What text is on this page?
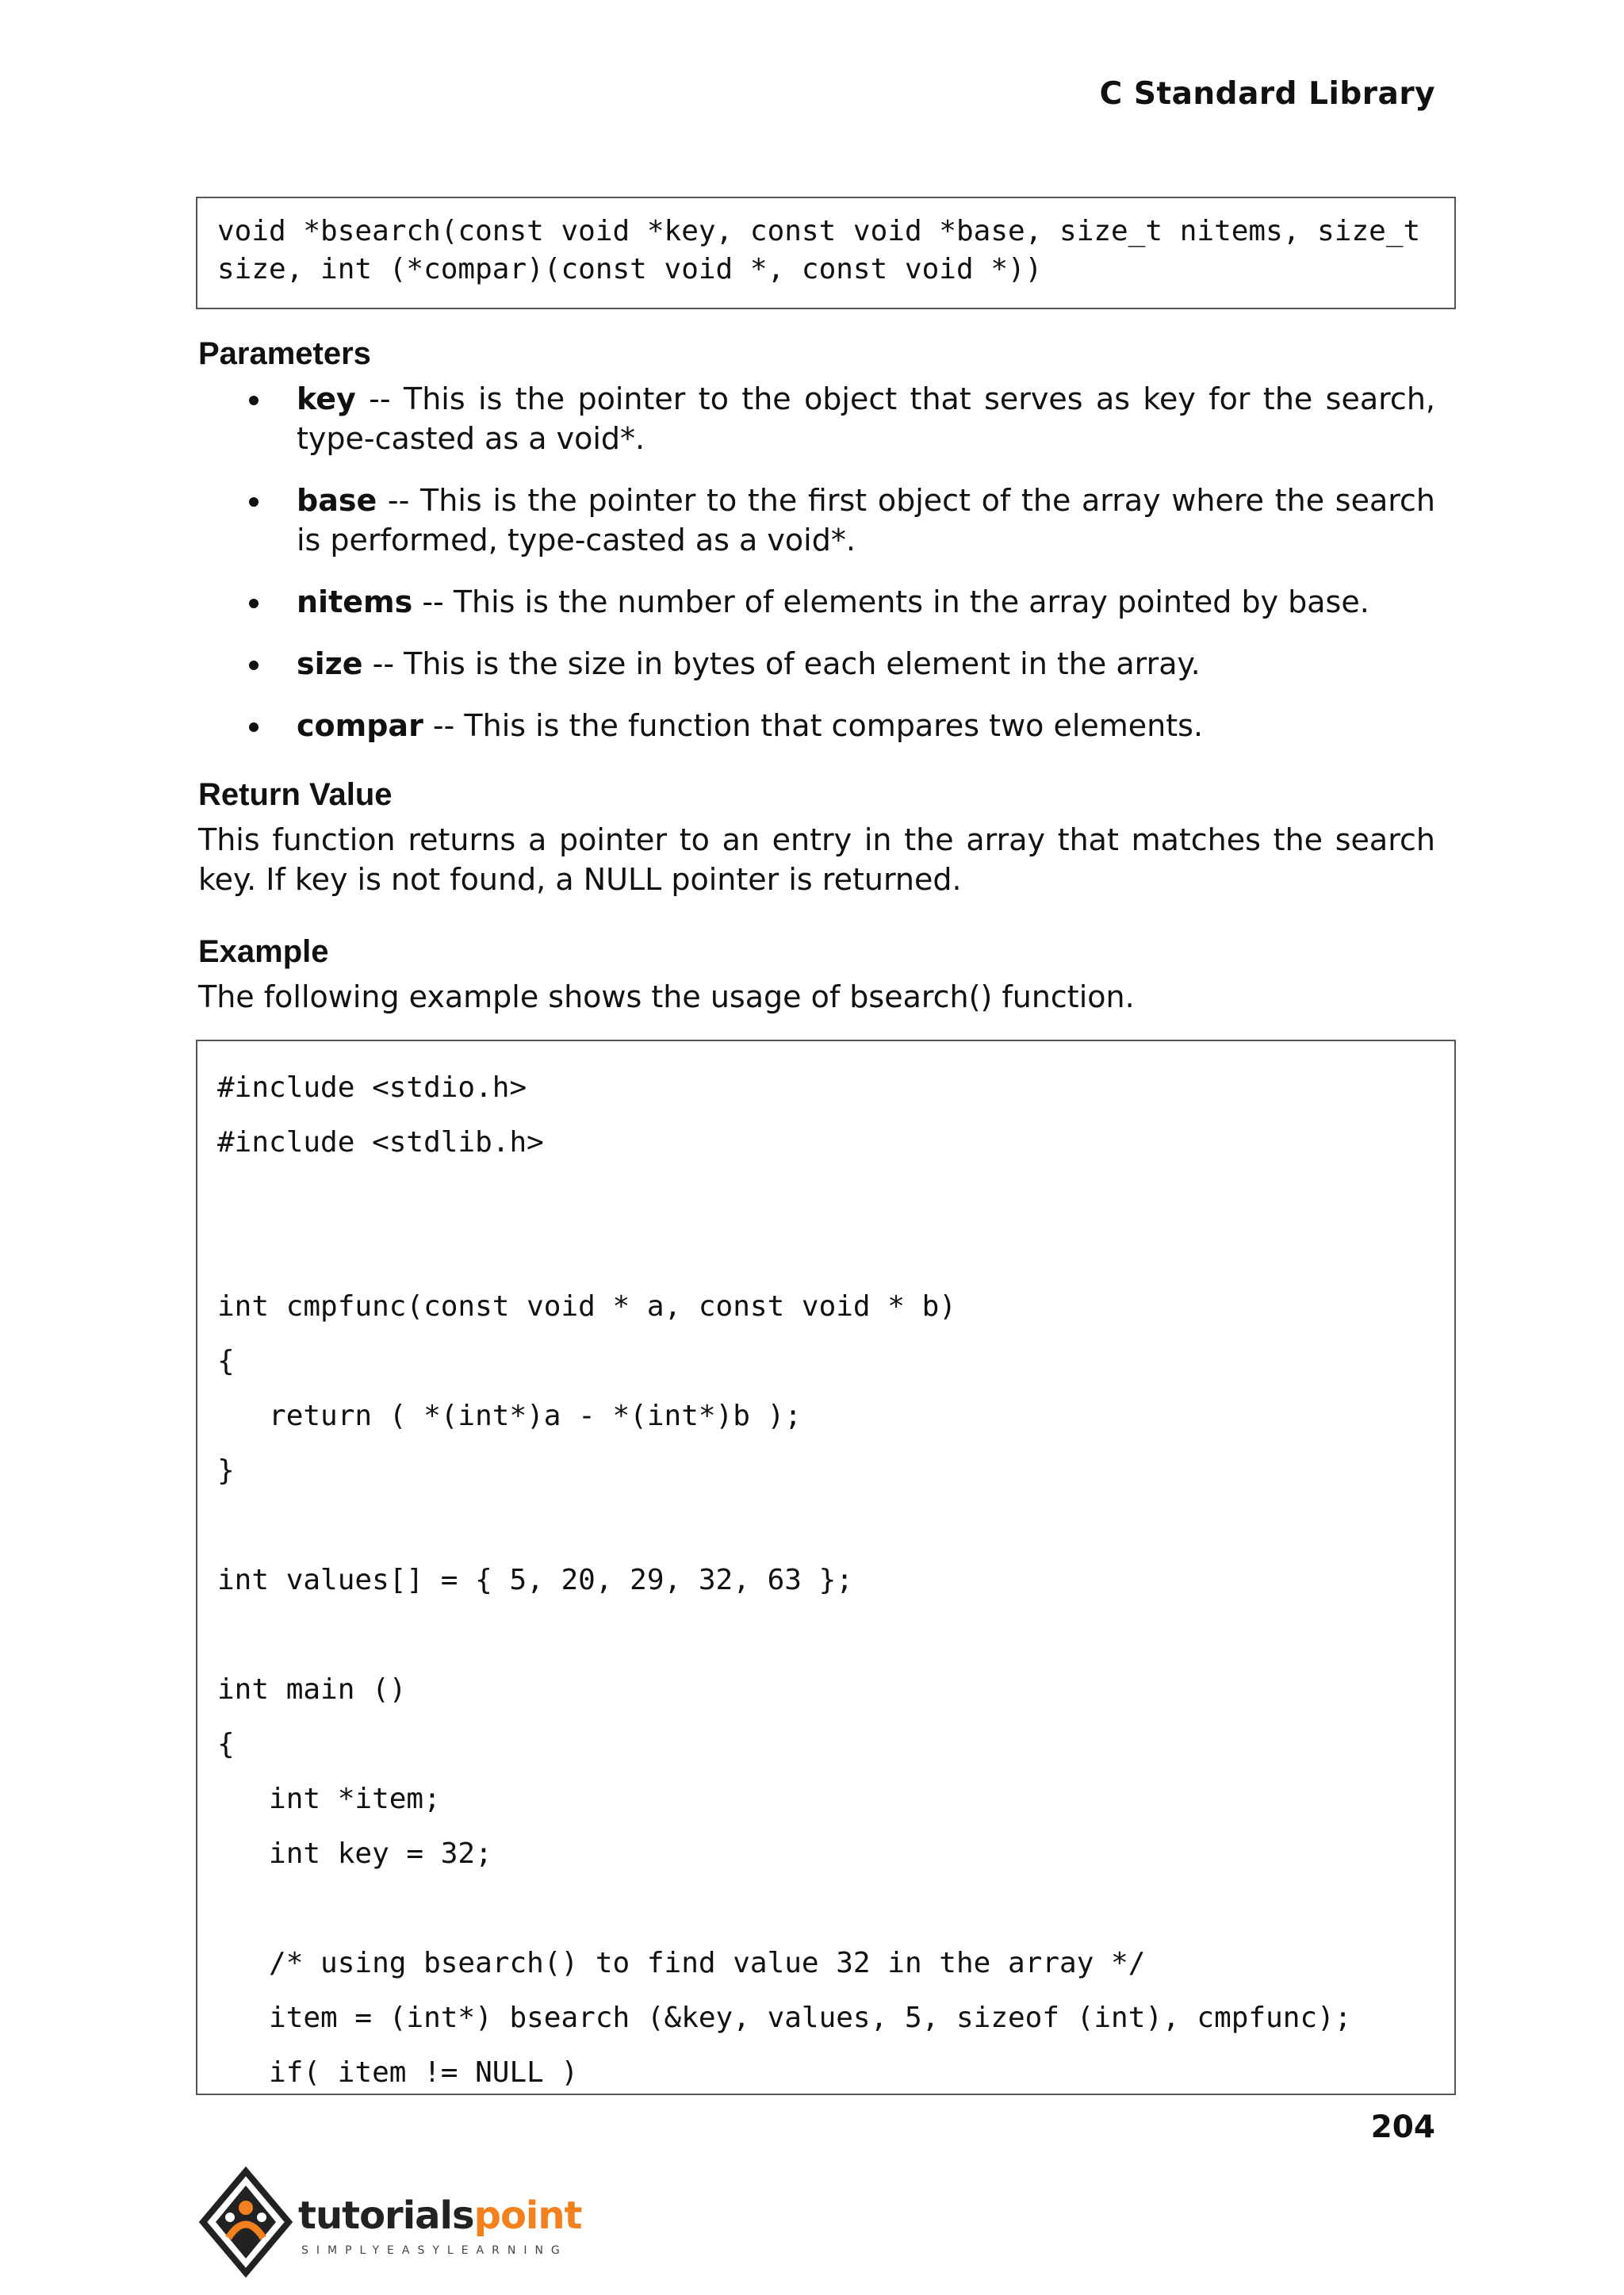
C Standard Library
void *bsearch(const void *key, const void *base, size_t nitems, size_t
size, int (*compar)(const void *, const void *))
Parameters
key -- This is the pointer to the object that serves as key for the search, type-casted as a void*.
base -- This is the pointer to the first object of the array where the search is performed, type-casted as a void*.
nitems -- This is the number of elements in the array pointed by base.
size -- This is the size in bytes of each element in the array.
compar -- This is the function that compares two elements.
Return Value
This function returns a pointer to an entry in the array that matches the search key. If key is not found, a NULL pointer is returned.
Example
The following example shows the usage of bsearch() function.
#include <stdio.h>
#include <stdlib.h>
int cmpfunc(const void * a, const void * b)
{
return ( *(int*)a - *(int*)b );
}
int values[] = { 5, 20, 29, 32, 63 };
int main ()
{
int *item;
int key = 32;
/* using bsearch() to find value 32 in the array */
item = (int*) bsearch (&key, values, 5, sizeof (int), cmpfunc);
if( item != NULL )
204
tutorialspoint
SIMPLYEASYLEARNING
